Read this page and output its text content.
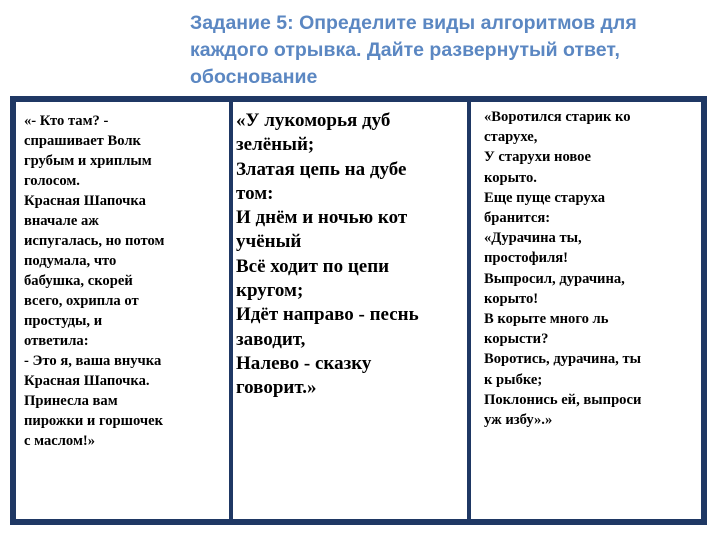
Задание 5: Определите виды алгоритмов для
каждого отрывка. Дайте развернутый ответ,
обоснование
«- Кто там? -
спрашивает Волк
грубым и хриплым
голосом.
Красная Шапочка
вначале аж
испугалась, но потом
подумала, что
бабушка, скорей
всего, охрипла от
простуды, и
ответила:
- Это я, ваша внучка
Красная Шапочка.
Принесла вам
пирожки и горшочек
с маслом!»
«У лукоморья дуб
зелёный;
Златая цепь на дубе
том:
И днём и ночью кот
учёный
Всё ходит по цепи
кругом;
Идёт направо - песнь
заводит,
Налево - сказку
говорит.»
«Воротился старик ко
старухе,
У старухи новое
корыто.
Еще пуще старуха
бранится:
«Дурачина ты,
простофиля!
Выпросил, дурачина,
корыто!
В корыте много ль
корысти?
Воротись, дурачина, ты
к рыбке;
Поклонись ей, выпроси
уж избу».»
